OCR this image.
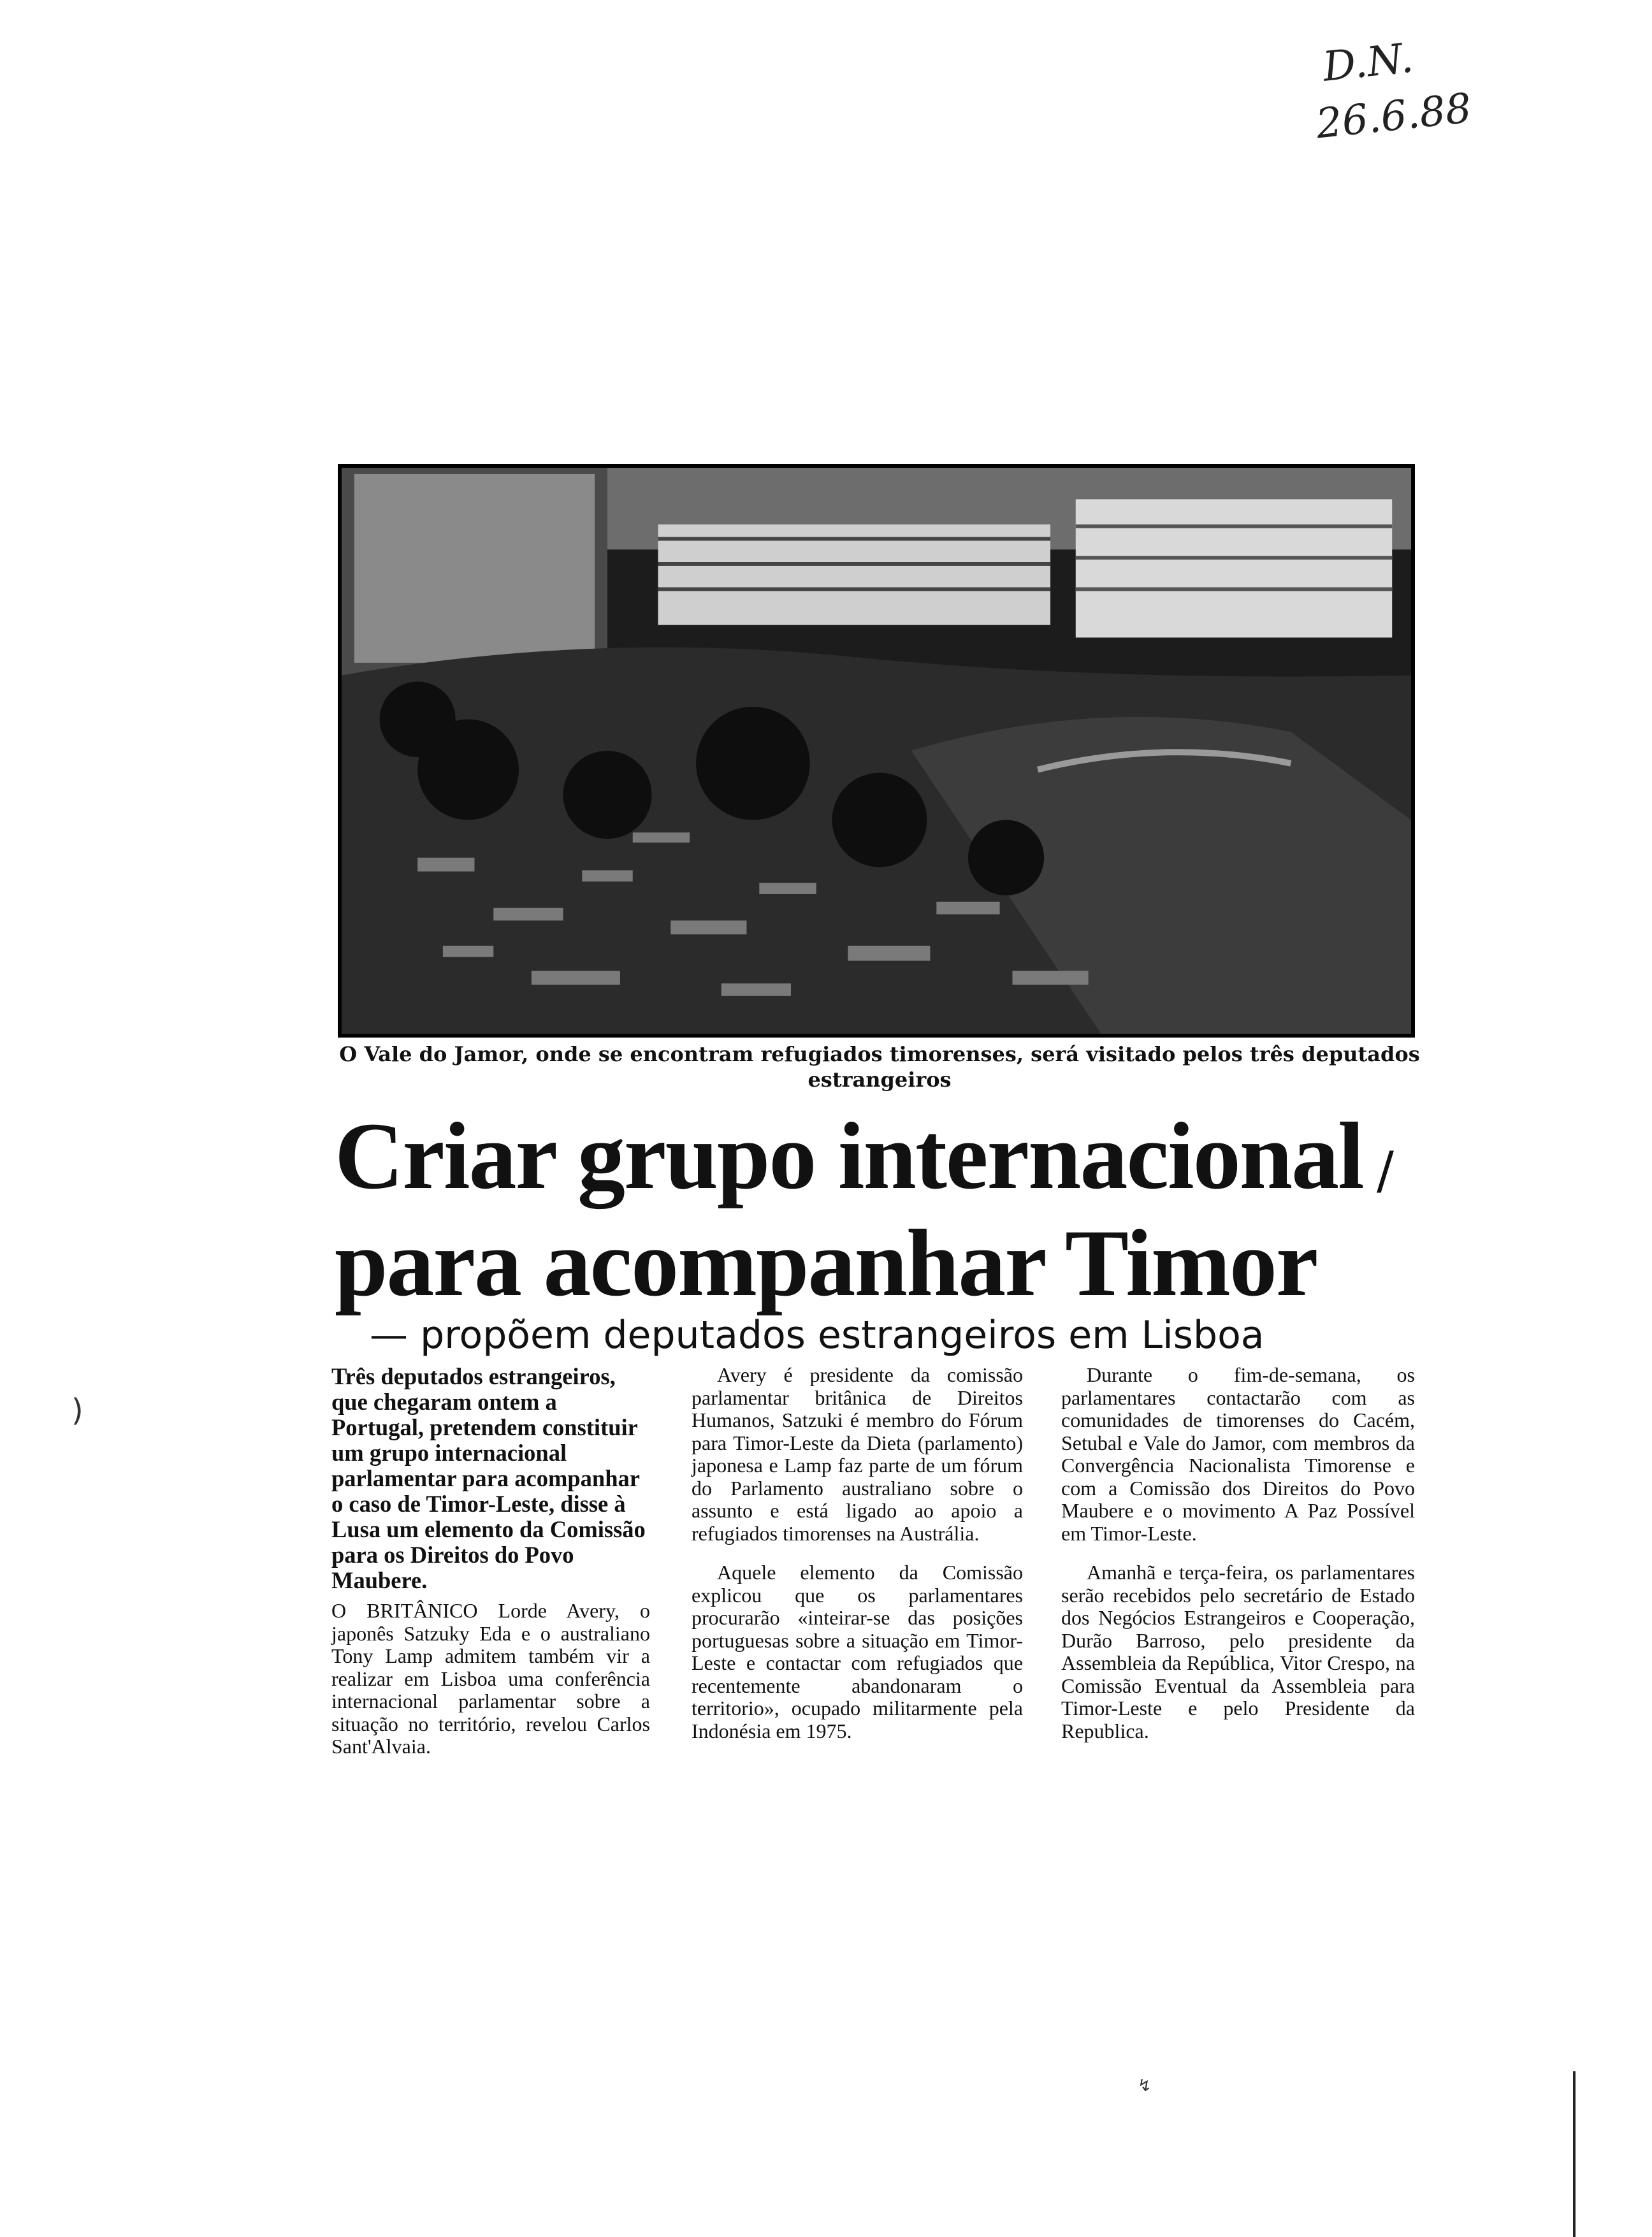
D.N.
26.6.88
O Vale do Jamor, onde se encontram refugiados timorenses, será visitado pelos três deputados estrangeiros
Criar grupo internacional
para acompanhar Timor
/
— propõem deputados estrangeiros em Lisboa

Três deputados estrangeiros, que chegaram ontem a Portugal, pretendem constituir um grupo internacional parlamentar para acompanhar o caso de Timor-Leste, disse à Lusa um elemento da Comissão para os Direitos do Povo Maubere.

O BRITÂNICO Lorde Avery, o japonês Satzuky Eda e o australiano Tony Lamp admitem também vir a realizar em Lisboa uma conferência internacional parlamentar sobre a situação no território, revelou Carlos Sant'Alvaia.

Avery é presidente da comissão parlamentar britânica de Direitos Humanos, Satzuki é membro do Fórum para Timor-Leste da Dieta (parlamento) japonesa e Lamp faz parte de um fórum do Parlamento australiano sobre o assunto e está ligado ao apoio a refugiados timorenses na Austrália.

Aquele elemento da Comissão explicou que os parlamentares procurarão «inteirar-se das posições portuguesas sobre a situação em Timor-Leste e contactar com refugiados que recentemente abandonaram o territorio», ocupado militarmente pela Indonésia em 1975.

Durante o fim-de-semana, os parlamentares contactarão com as comunidades de timorenses do Cacém, Setubal e Vale do Jamor, com membros da Convergência Nacionalista Timorense e com a Comissão dos Direitos do Povo Maubere e o movimento A Paz Possível em Timor-Leste.

Amanhã e terça-feira, os parlamentares serão recebidos pelo secretário de Estado dos Negócios Estrangeiros e Cooperação, Durão Barroso, pelo presidente da Assembleia da República, Vitor Crespo, na Comissão Eventual da Assembleia para Timor-Leste e pelo Presidente da Republica.

)
↯
